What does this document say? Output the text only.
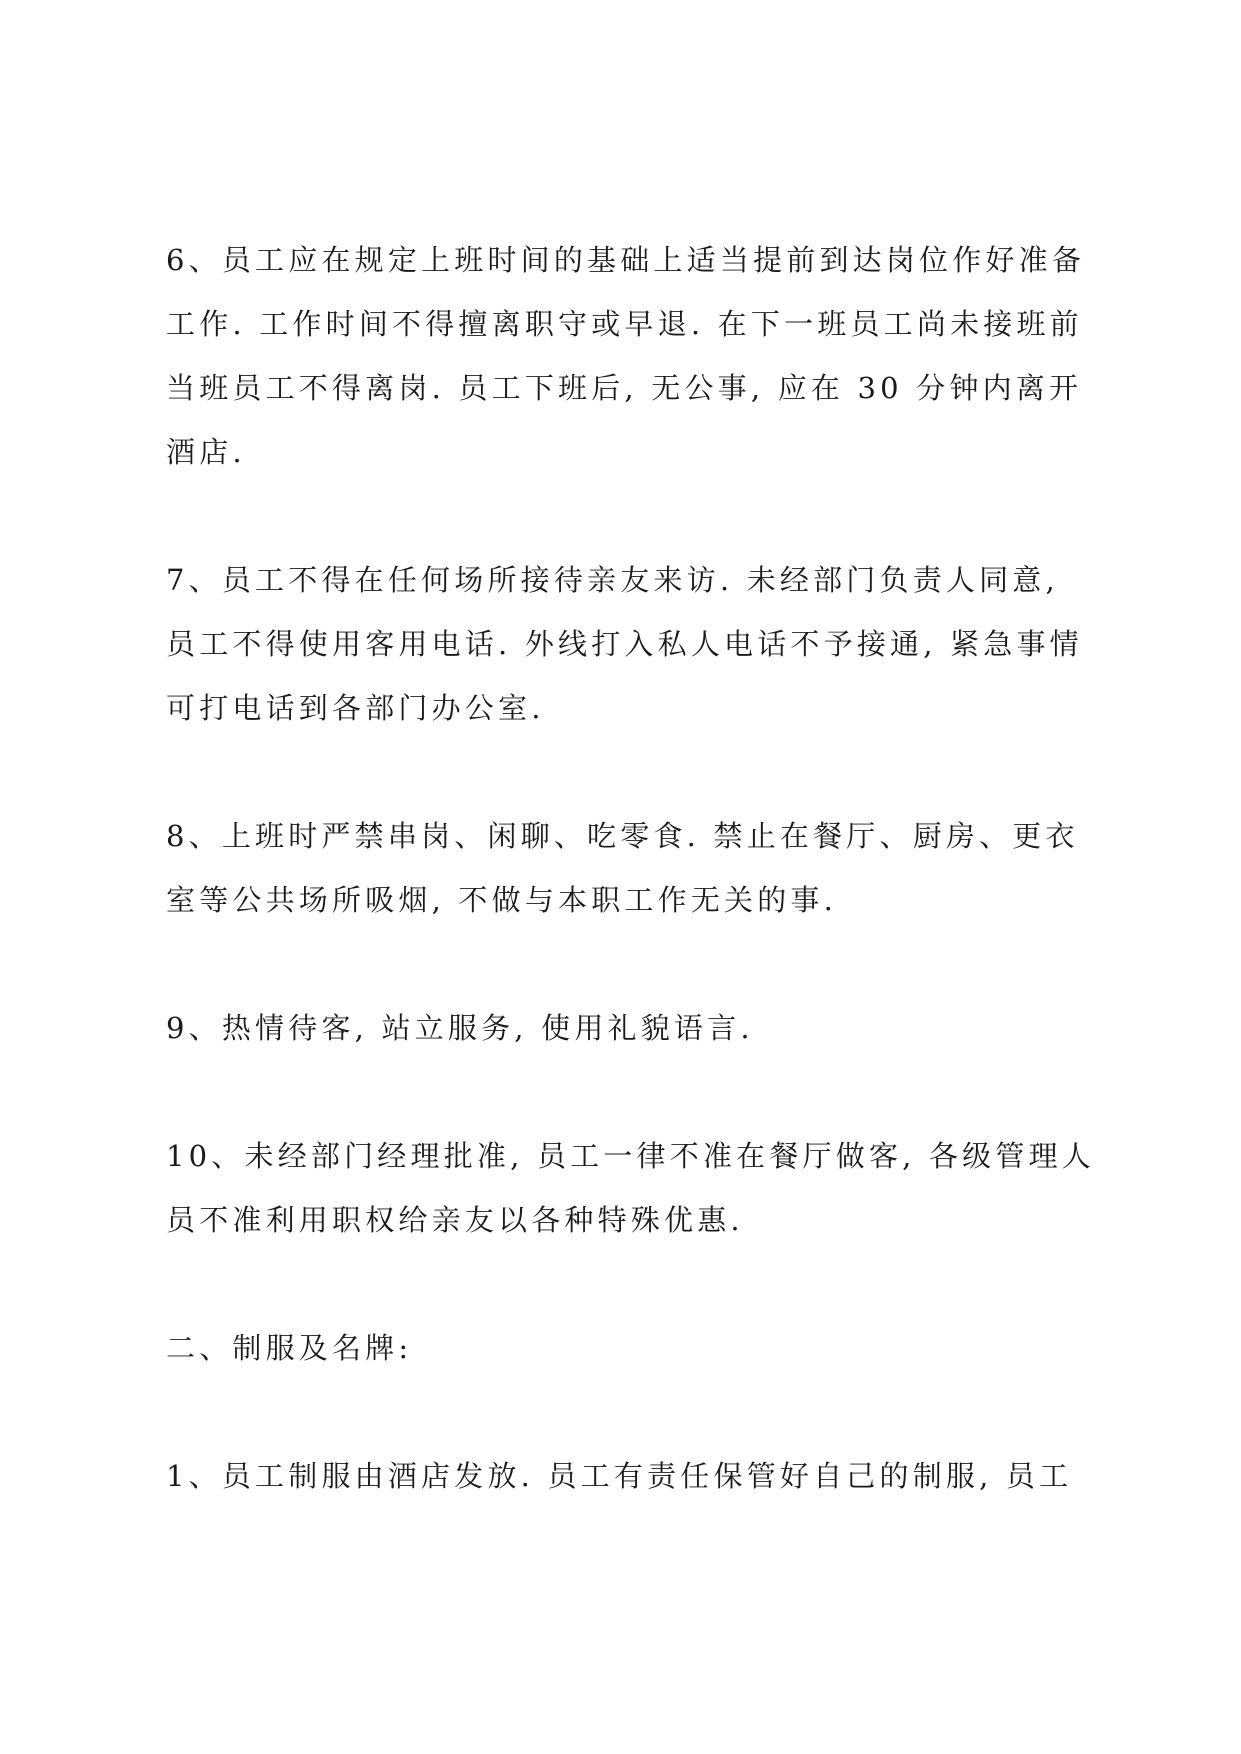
6、员工应在规定上班时间的基础上适当提前到达岗位作好准备
工作. 工作时间不得擅离职守或早退. 在下一班员工尚未接班前
当班员工不得离岗. 员工下班后, 无公事, 应在 30 分钟内离开
酒店.
7、员工不得在任何场所接待亲友来访. 未经部门负责人同意,
员工不得使用客用电话. 外线打入私人电话不予接通, 紧急事情
可打电话到各部门办公室.
8、上班时严禁串岗、闲聊、吃零食. 禁止在餐厅、厨房、更衣
室等公共场所吸烟, 不做与本职工作无关的事.
9、热情待客, 站立服务, 使用礼貌语言.
10、未经部门经理批准, 员工一律不准在餐厅做客, 各级管理人
员不准利用职权给亲友以各种特殊优惠.
二、制服及名牌:
1、员工制服由酒店发放. 员工有责任保管好自己的制服, 员工
